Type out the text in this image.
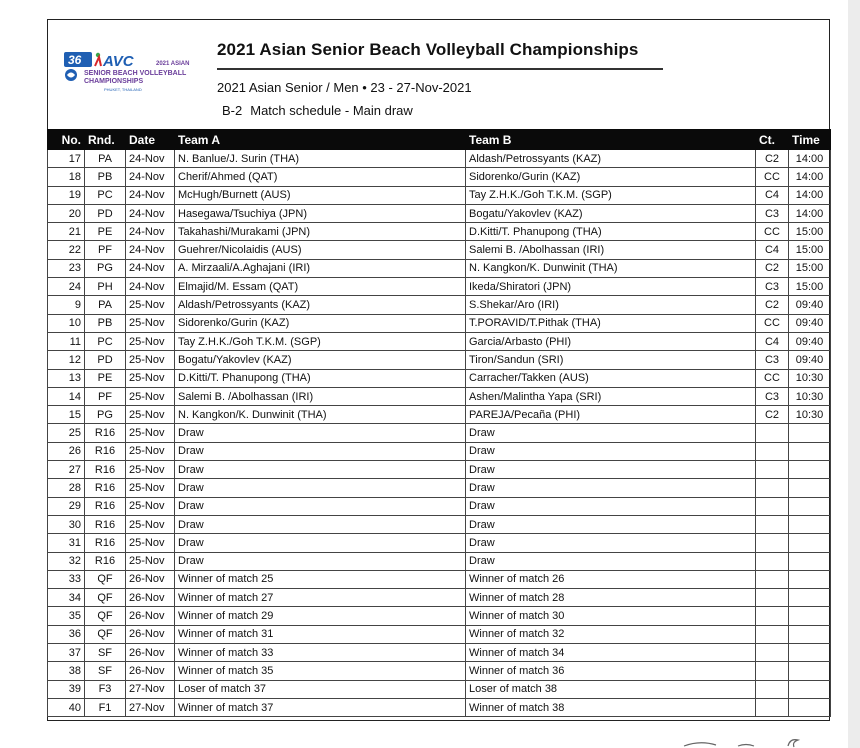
36 AVC	2021 ASIAN
SENIOR BEACH VOLLEYBALL
CHAMPIONSHIPS
PHUKET, THAILAND
2021 Asian Senior Beach Volleyball Championships
2021 Asian Senior / Men • 23 - 27-Nov-2021
B-2 Match schedule - Main draw
No.	Rnd.	Date	Team A	Team B	Ct.	Time
17	PA	24-Nov	N. Banlue/J. Surin (THA)	Aldash/Petrossyants (KAZ)	C2	14:00
18	PB	24-Nov	Cherif/Ahmed (QAT)	Sidorenko/Gurin (KAZ)	CC	14:00
19	PC	24-Nov	McHugh/Burnett (AUS)	Tay Z.H.K./Goh T.K.M. (SGP)	C4	14:00
20	PD	24-Nov	Hasegawa/Tsuchiya (JPN)	Bogatu/Yakovlev (KAZ)	C3	14:00
21	PE	24-Nov	Takahashi/Murakami (JPN)	D.Kitti/T. Phanupong (THA)	CC	15:00
22	PF	24-Nov	Guehrer/Nicolaidis (AUS)	Salemi B. /Abolhassan (IRI)	C4	15:00
23	PG	24-Nov	A. Mirzaali/A.Aghajani (IRI)	N. Kangkon/K. Dunwinit (THA)	C2	15:00
24	PH	24-Nov	Elmajid/M. Essam (QAT)	Ikeda/Shiratori (JPN)	C3	15:00
9	PA	25-Nov	Aldash/Petrossyants (KAZ)	S.Shekar/Aro (IRI)	C2	09:40
10	PB	25-Nov	Sidorenko/Gurin (KAZ)	T.PORAVID/T.Pithak (THA)	CC	09:40
11	PC	25-Nov	Tay Z.H.K./Goh T.K.M. (SGP)	Garcia/Arbasto (PHI)	C4	09:40
12	PD	25-Nov	Bogatu/Yakovlev (KAZ)	Tiron/Sandun (SRI)	C3	09:40
13	PE	25-Nov	D.Kitti/T. Phanupong (THA)	Carracher/Takken (AUS)	CC	10:30
14	PF	25-Nov	Salemi B. /Abolhassan (IRI)	Ashen/Malintha Yapa (SRI)	C3	10:30
15	PG	25-Nov	N. Kangkon/K. Dunwinit (THA)	PAREJA/Pecaña (PHI)	C2	10:30
25	R16	25-Nov	Draw	Draw		
26	R16	25-Nov	Draw	Draw		
27	R16	25-Nov	Draw	Draw		
28	R16	25-Nov	Draw	Draw		
29	R16	25-Nov	Draw	Draw		
30	R16	25-Nov	Draw	Draw		
31	R16	25-Nov	Draw	Draw		
32	R16	25-Nov	Draw	Draw		
33	QF	26-Nov	Winner of match 25	Winner of match 26		
34	QF	26-Nov	Winner of match 27	Winner of match 28		
35	QF	26-Nov	Winner of match 29	Winner of match 30		
36	QF	26-Nov	Winner of match 31	Winner of match 32		
37	SF	26-Nov	Winner of match 33	Winner of match 34		
38	SF	26-Nov	Winner of match 35	Winner of match 36		
39	F3	27-Nov	Loser of match 37	Loser of match 38		
40	F1	27-Nov	Winner of match 37	Winner of match 38		
